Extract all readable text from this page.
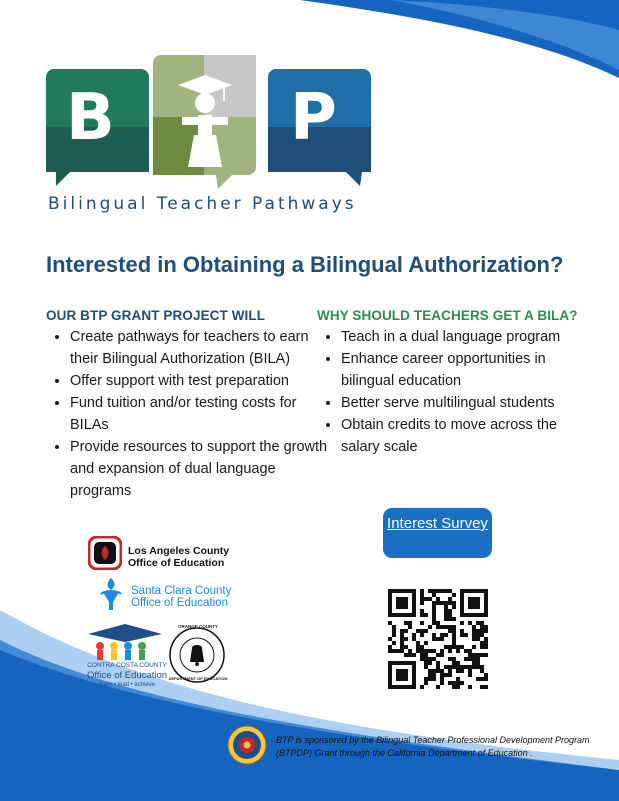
B	P
Bilingual Teacher Pathways
Interested in Obtaining a Bilingual Authorization?
OUR BTP GRANT PROJECT WILL
• Create pathways for teachers to earn their Bilingual Authorization (BILA)
• Offer support with test preparation
• Fund tuition and/or testing costs for BILAs
• Provide resources to support the growth and expansion of dual language programs
WHY SHOULD TEACHERS GET A BILA?
• Teach in a dual language program
• Enhance career opportunities in bilingual education
• Better serve multilingual students
• Obtain credits to move across the salary scale
Interest Survey
Los Angeles County
Office of Education
Santa Clara County
Office of Education
CONTRA COSTA COUNTY
Office of Education
learn • lead • achieve
ORANGE COUNTY
DEPARTMENT OF EDUCATION
BTP is sponsored by the Bilingual Teacher Professional Development Program (BTPDP) Grant through the California Department of Education .
